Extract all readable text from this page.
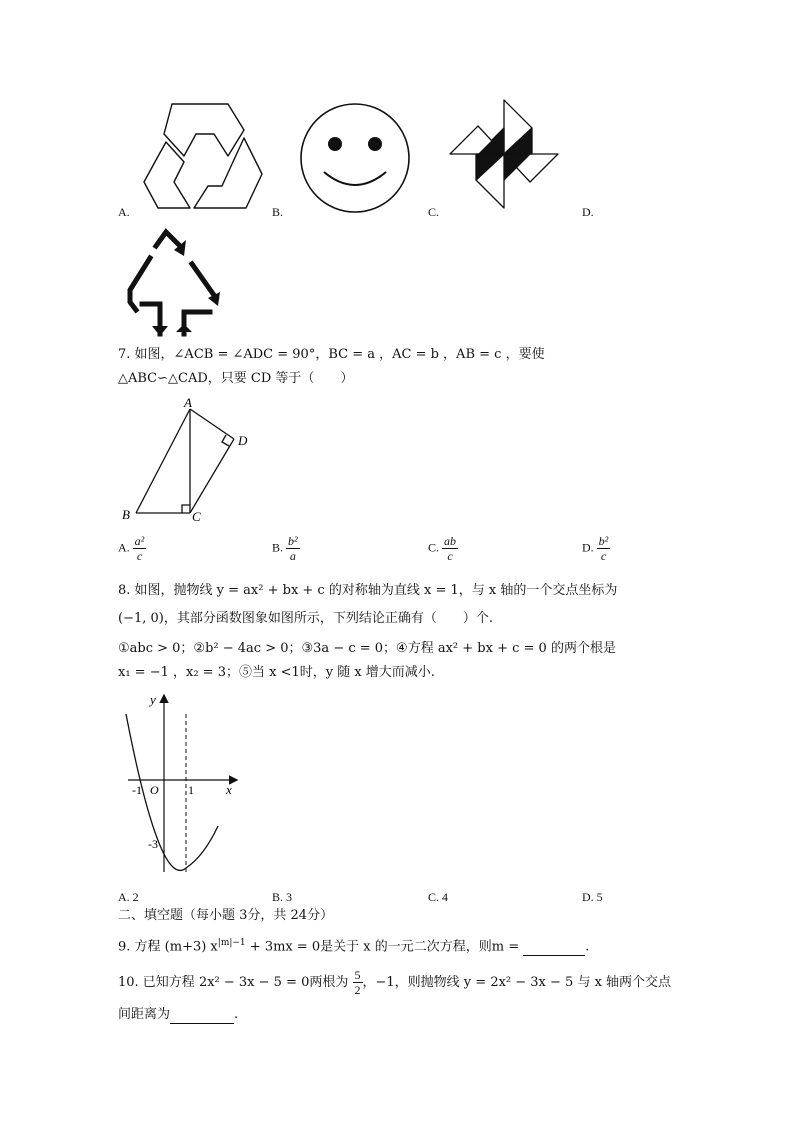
A.	B.	C.	D.
7. 如图，∠ACB = ∠ADC = 90°，BC = a ，AC = b ，AB = c ，要使
△ABC∽△CAD，只要 CD 等于（　　）
A
B	C
D
A. $\frac{\text{a²}}{c}$	B. $\frac{\text{b²}}{a}$	C. $\frac{ab}{c}$	D. $\frac{\text{b²}}{c}$
8. 如图，抛物线 y = ax² + bx + c 的对称轴为直线 x = 1，与 x 轴的一个交点坐标为
(−1, 0)，其部分函数图象如图所示，下列结论正确有（　　）个.
①abc > 0；②b² − 4ac > 0；③3a − c = 0；④方程 ax² + bx + c = 0 的两个根是
x₁ = −1 ，x₂ = 3；⑤当 x <1时，y 随 x 增大而减小.
y
x
O
-1	1
-3
A. 2	B. 3	C. 4	D. 5
二、填空题（每小题 3分，共 24分）
9. 方程 (m+3) $x^{|m|-1} + 3mx = 0$是关于 x 的一元二次方程，则m =	.
10. 已知方程 2x² − 3x − 5 = 0两根为 $\frac{5}{2}$ ，−1，则抛物线 y = 2x² − 3x − 5 与 x 轴两个交点
间距离为	.
